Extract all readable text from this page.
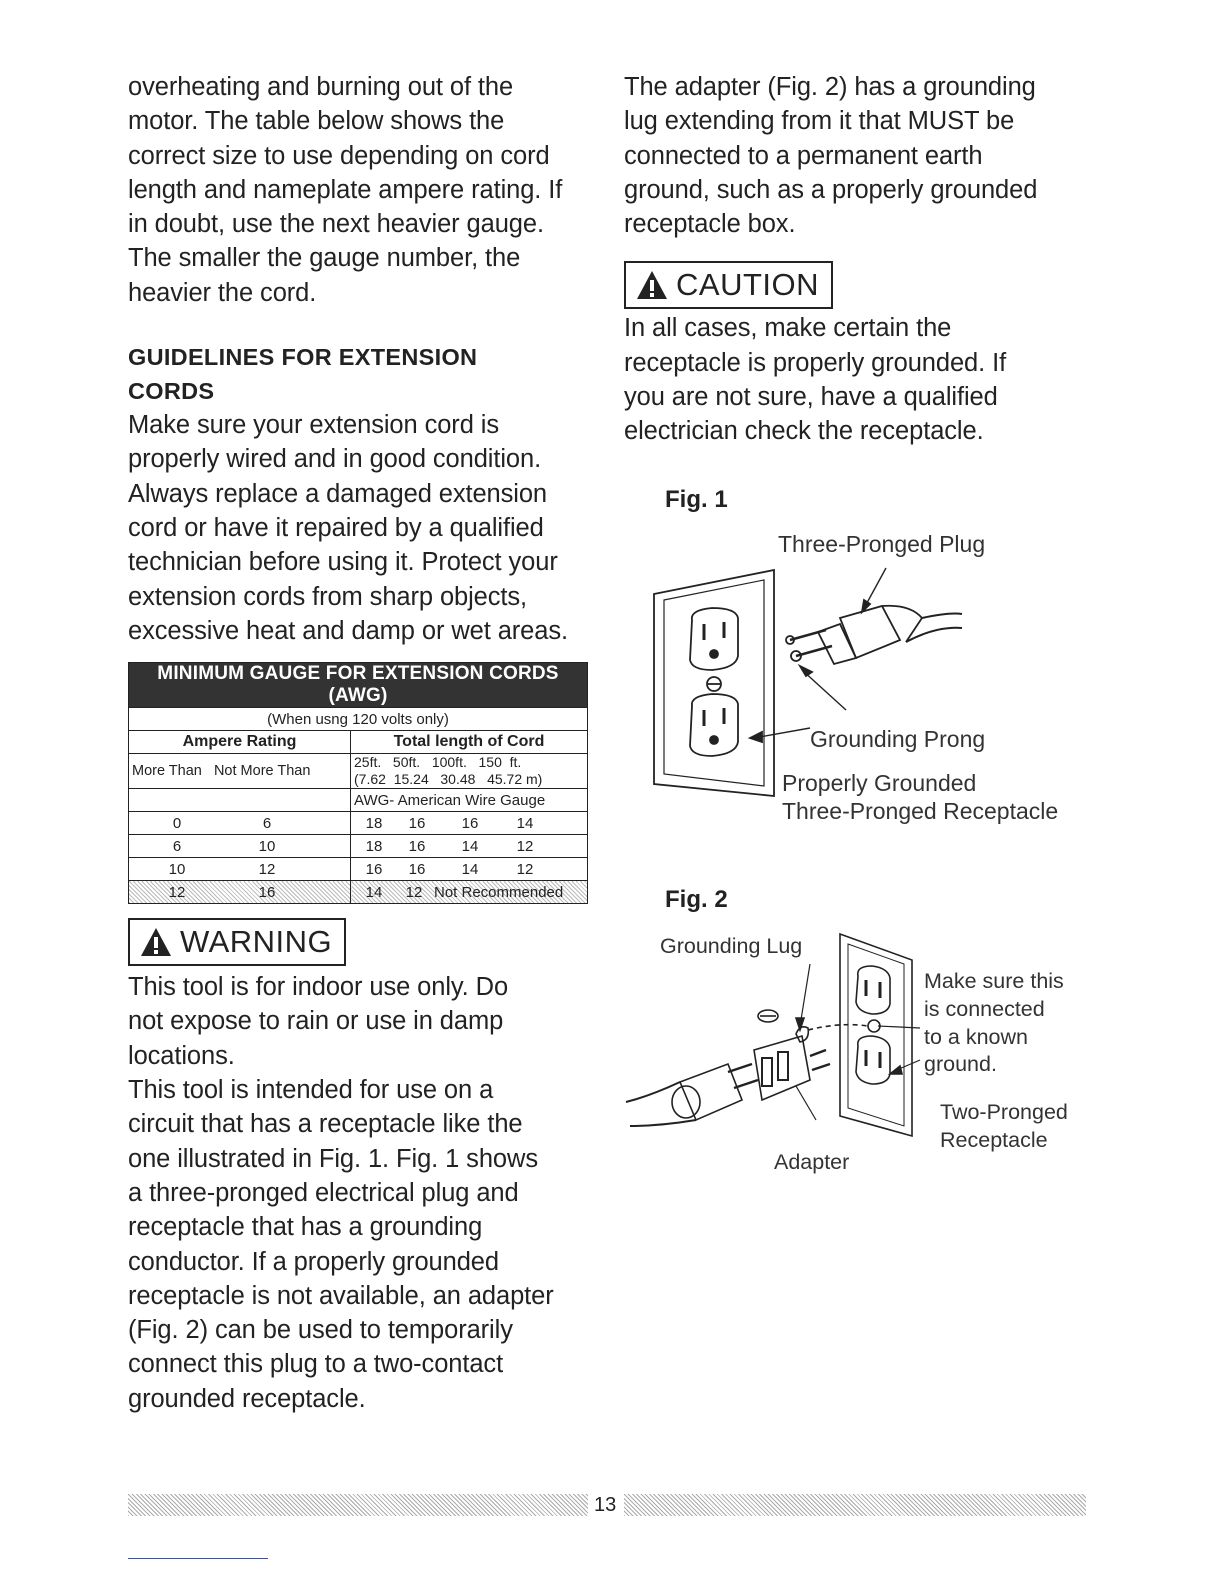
overheating and burning out of the
motor. The table below shows the
correct size to use depending on cord
length and nameplate ampere rating. If
in doubt, use the next heavier gauge.
The smaller the gauge number, the
heavier the cord.

GUIDELINES FOR EXTENSION
CORDS

Make sure your extension cord is
properly wired and in good condition.
Always replace a damaged extension
cord or have it repaired by a qualified
technician before using it. Protect your
extension cords from sharp objects,
excessive heat and damp or wet areas.

MINIMUM GAUGE FOR EXTENSION CORDS (AWG)	
(When usng 120 volts only)	
Ampere Rating	Total length of Cord
More Than Not More Than	25ft.   50ft.   100ft.   150  ft.
(7.62  15.24   30.48   45.72 m)
	AWG- American Wire Gauge
0 6	18 16 16 14
6 10	18 16 14 12
10 12	16 16 14 12
12 16	14 12 Not Recommended
WARNING

This tool is for indoor use only. Do
not expose to rain or use in damp
locations.

This tool is intended for use on a
circuit that has a receptacle like the
one illustrated in Fig. 1. Fig. 1 shows
a three-pronged electrical plug and
receptacle that has a grounding
conductor. If a properly grounded
receptacle is not available, an adapter
(Fig. 2) can be used to temporarily
connect this plug to a two-contact
grounded receptacle.

The adapter (Fig. 2) has a grounding
lug extending from it that MUST be
connected to a permanent earth
ground, such as a properly grounded
receptacle box.

CAUTION

In all cases, make certain the
receptacle is properly grounded. If
you are not sure, have a qualified
electrician check the receptacle.

Fig. 1
Three-Pronged Plug
Grounding Prong
Properly Grounded
Three-Pronged Receptacle
Fig. 2
Grounding Lug
Make sure this
is connected
to a known
ground.
Two-Pronged
Receptacle
Adapter
13
